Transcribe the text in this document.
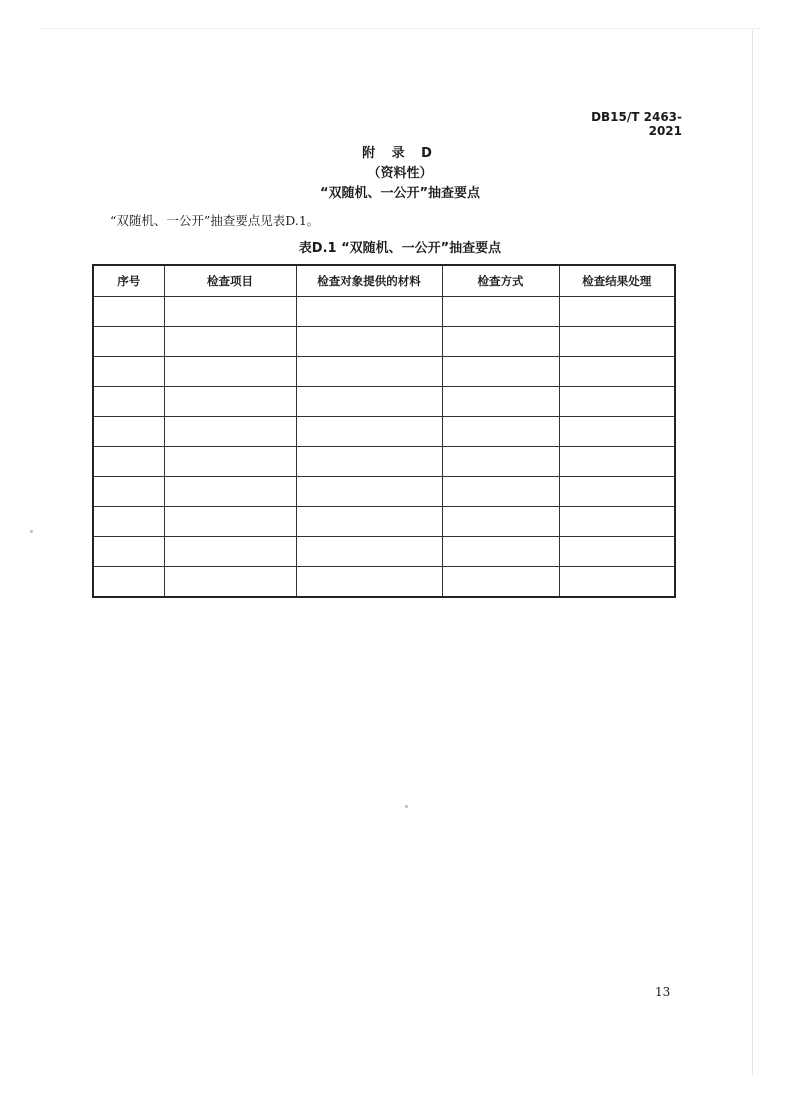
DB15/T 2463-2021
附 录 D
（资料性）
“双随机、一公开”抽查要点
“双随机、一公开”抽查要点见表D.1。
表D.1 “双随机、一公开”抽查要点
序号	检查项目	检查对象提供的材料	检查方式	检查结果处理

13
